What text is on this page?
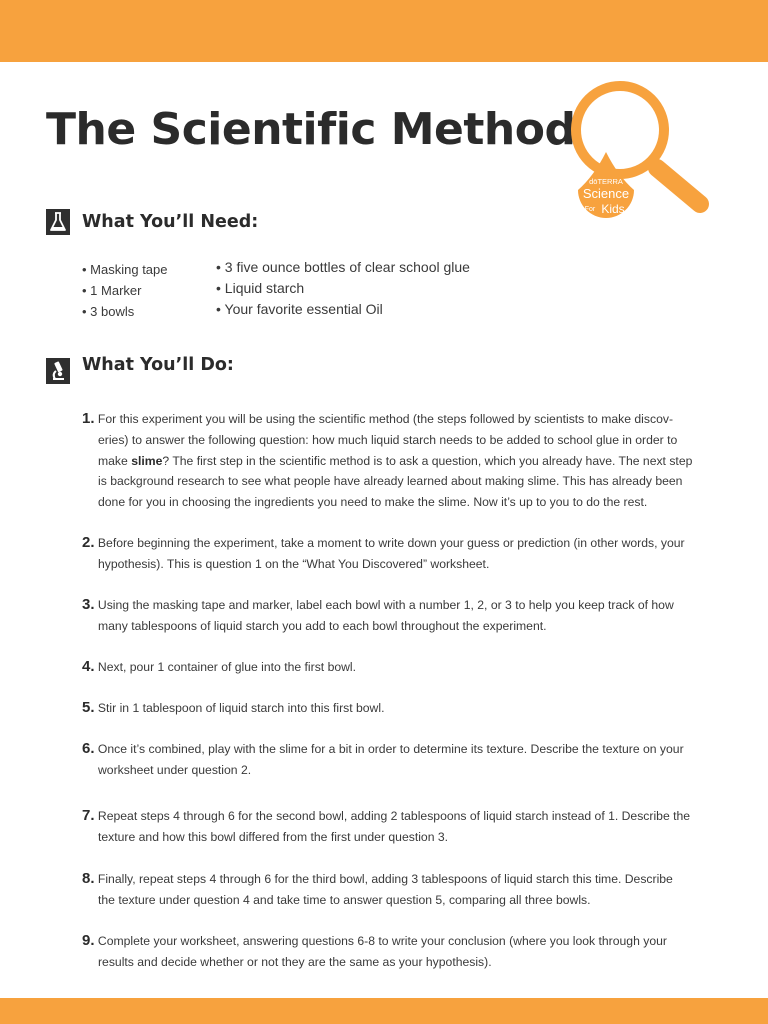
The Scientific Method
dōTERRA
Science
For Kids
What You’ll Need:
• Masking tape
• 1 Marker
• 3 bowls
• 3 five ounce bottles of clear school glue
• Liquid starch
• Your favorite essential Oil
What You’ll Do:
1. For this experiment you will be using the scientific method (the steps followed by scientists to make discov-
eries) to answer the following question: how much liquid starch needs to be added to school glue in order to
make slime? The first step in the scientific method is to ask a question, which you already have. The next step
is background research to see what people have already learned about making slime. This has already been
done for you in choosing the ingredients you need to make the slime. Now it’s up to you to do the rest.
2. Before beginning the experiment, take a moment to write down your guess or prediction (in other words, your
hypothesis). This is question 1 on the “What You Discovered” worksheet.
3. Using the masking tape and marker, label each bowl with a number 1, 2, or 3 to help you keep track of how
many tablespoons of liquid starch you add to each bowl throughout the experiment.
4. Next, pour 1 container of glue into the first bowl.
5. Stir in 1 tablespoon of liquid starch into this first bowl.
6. Once it’s combined, play with the slime for a bit in order to determine its texture. Describe the texture on your
worksheet under question 2.
7. Repeat steps 4 through 6 for the second bowl, adding 2 tablespoons of liquid starch instead of 1. Describe the
texture and how this bowl differed from the first under question 3.
8. Finally, repeat steps 4 through 6 for the third bowl, adding 3 tablespoons of liquid starch this time. Describe
the texture under question 4 and take time to answer question 5, comparing all three bowls.
9. Complete your worksheet, answering questions 6-8 to write your conclusion (where you look through your
results and decide whether or not they are the same as your hypothesis).
